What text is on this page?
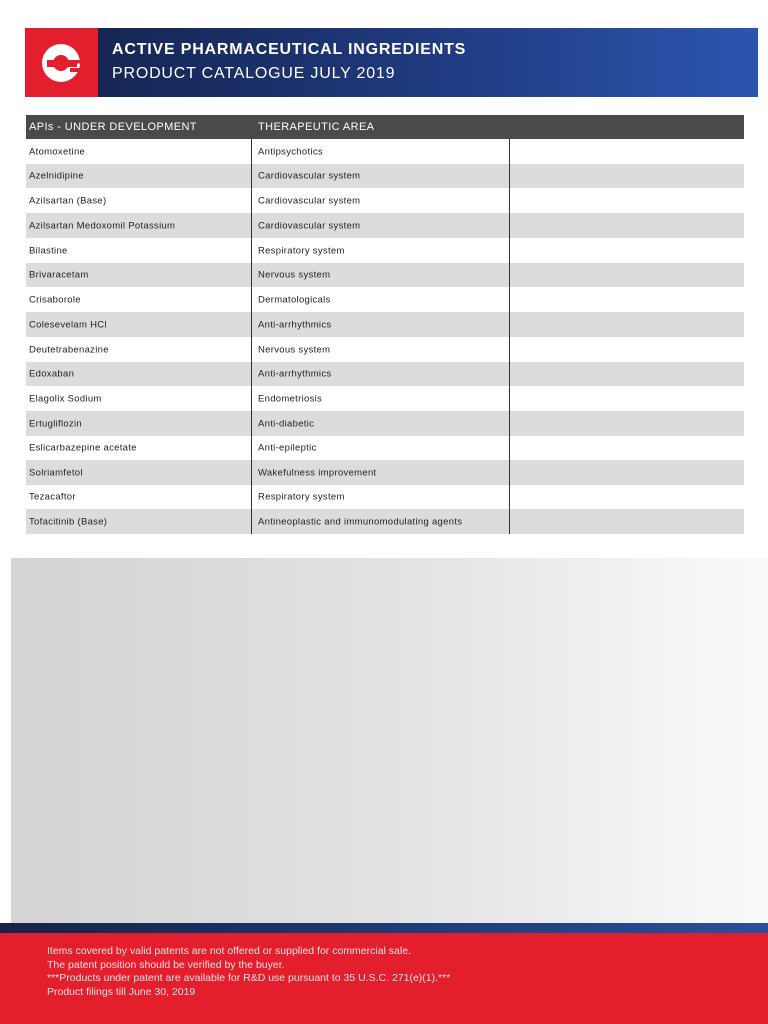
ACTIVE PHARMACEUTICAL INGREDIENTS
PRODUCT CATALOGUE JULY 2019
APIs - UNDER DEVELOPMENT	THERAPEUTIC AREA
Atomoxetine	Antipsychotics
Azelnidipine	Cardiovascular system
Azilsartan (Base)	Cardiovascular system
Azilsartan Medoxomil Potassium	Cardiovascular system
Bilastine	Respiratory system
Brivaracetam	Nervous system
Crisaborole	Dermatologicals
Colesevelam HCl	Anti-arrhythmics
Deutetrabenazine	Nervous system
Edoxaban	Anti-arrhythmics
Elagolix Sodium	Endometriosis
Ertugliflozin	Anti-diabetic
Eslicarbazepine acetate	Anti-epileptic
Solriamfetol	Wakefulness improvement
Tezacaftor	Respiratory system
Tofacitinib (Base)	Antineoplastic and immunomodulating agents
Items covered by valid patents are not offered or supplied for commercial sale.
The patent position should be verified by the buyer.
***Products under patent are available for R&D use pursuant to 35 U.S.C. 271(e)(1).***
Product filings till June 30, 2019
